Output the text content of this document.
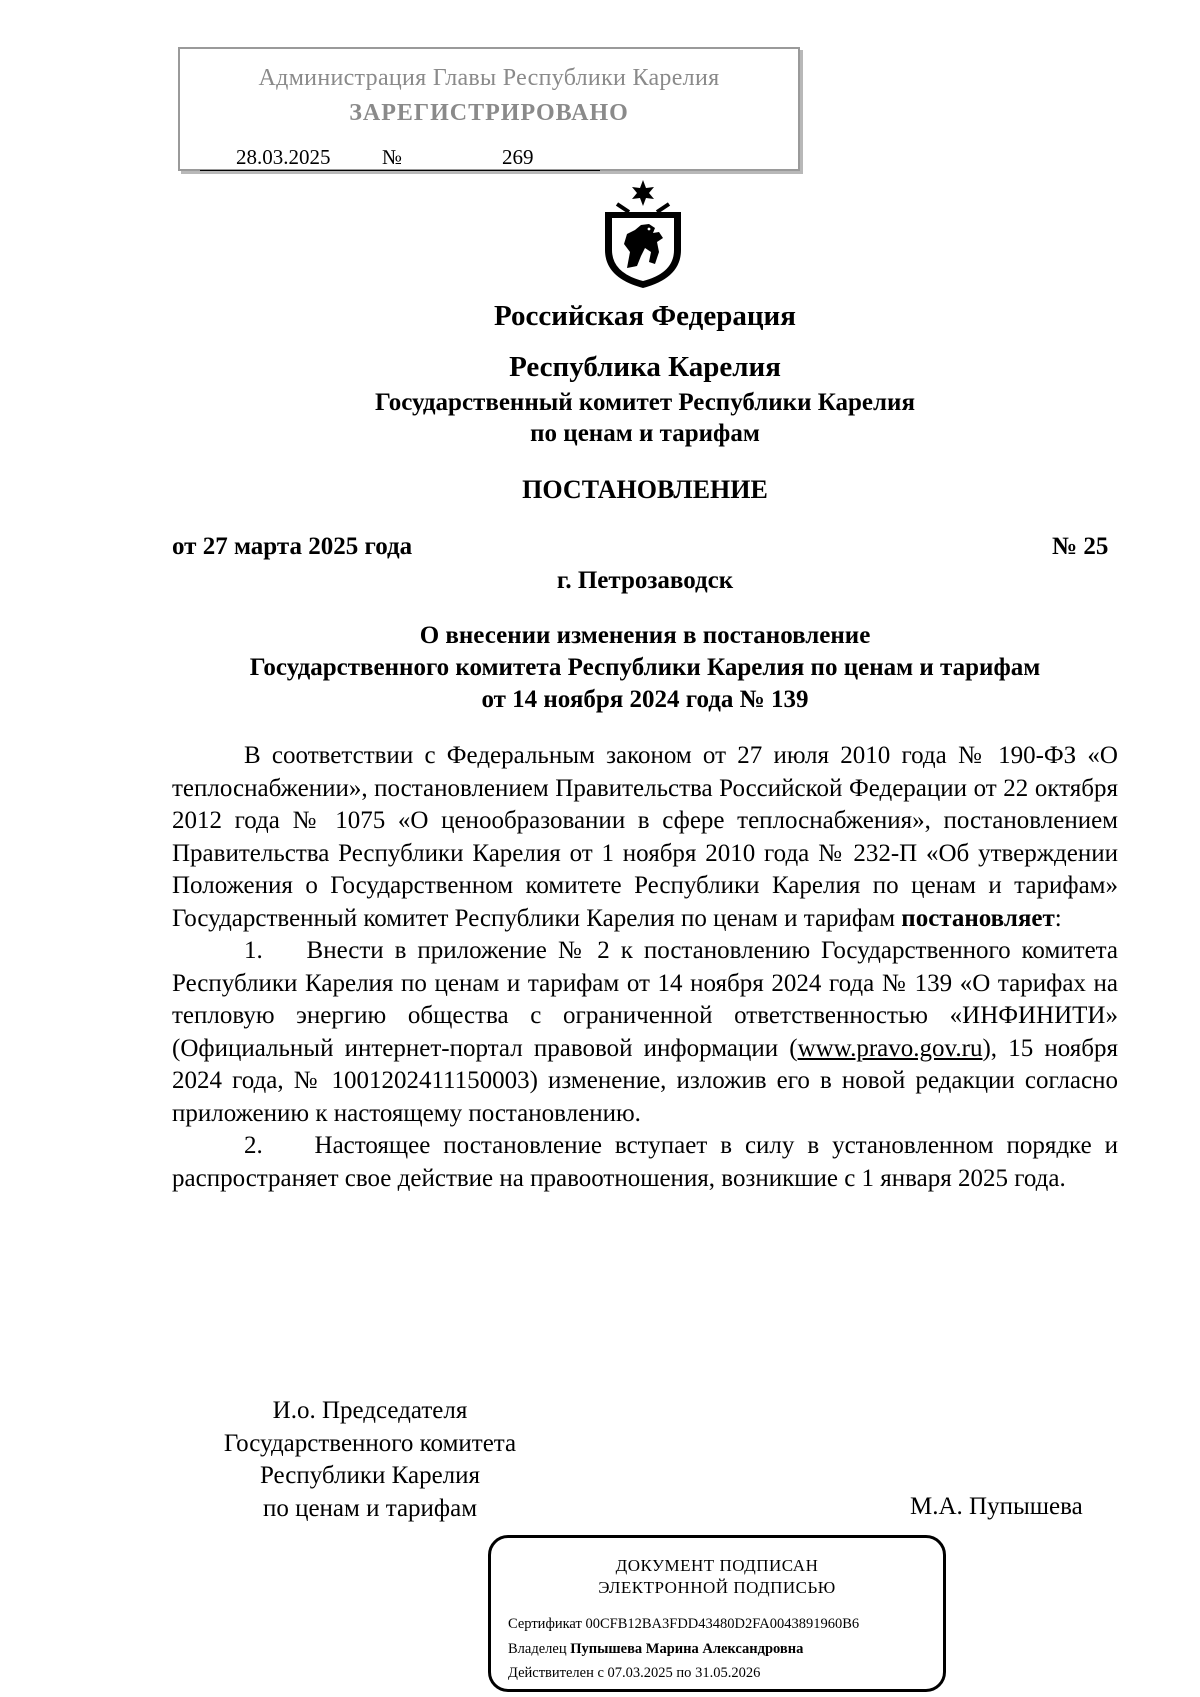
Администрация Главы Республики Карелия
ЗАРЕГИСТРИРОВАНО
28.03.2025 №	269
Российская Федерация
Республика Карелия
Государственный комитет Республики Карелия
по ценам и тарифам
ПОСТАНОВЛЕНИЕ
от 27 марта 2025 года	№ 25
г. Петрозаводск
О внесении изменения в постановление
Государственного комитета Республики Карелия по ценам и тарифам
от 14 ноября 2024 года № 139

В соответствии с Федеральным законом от 27 июля 2010 года № 190-ФЗ «О теплоснабжении», постановлением Правительства Российской Федерации от 22 октября 2012 года № 1075 «О ценообразовании в сфере теплоснабжения», постановлением Правительства Республики Карелия от 1 ноября 2010 года № 232-П «Об утверждении Положения о Государственном комитете Республики Карелия по ценам и тарифам» Государственный комитет Республики Карелия по ценам и тарифам постановляет:

1. Внести в приложение № 2 к постановлению Государственного комитета Республики Карелия по ценам и тарифам от 14 ноября 2024 года № 139 «О тарифах на тепловую энергию общества с ограниченной ответственностью «ИНФИНИТИ» (Официальный интернет-портал правовой информации (www.pravo.gov.ru), 15 ноября 2024 года, № 1001202411150003) изменение, изложив его в новой редакции согласно приложению к настоящему постановлению.

2. Настоящее постановление вступает в силу в установленном порядке и распространяет свое действие на правоотношения, возникшие с 1 января 2025 года.

И.о. Председателя
Государственного комитета
Республики Карелия
по ценам и тарифам	М.А. Пупышева
ДОКУМЕНТ ПОДПИСАН
ЭЛЕКТРОННОЙ ПОДПИСЬЮ
Сертификат 00CFB12BA3FDD43480D2FA0043891960B6
Владелец Пупышева Марина Александровна
Действителен с 07.03.2025 по 31.05.2026
